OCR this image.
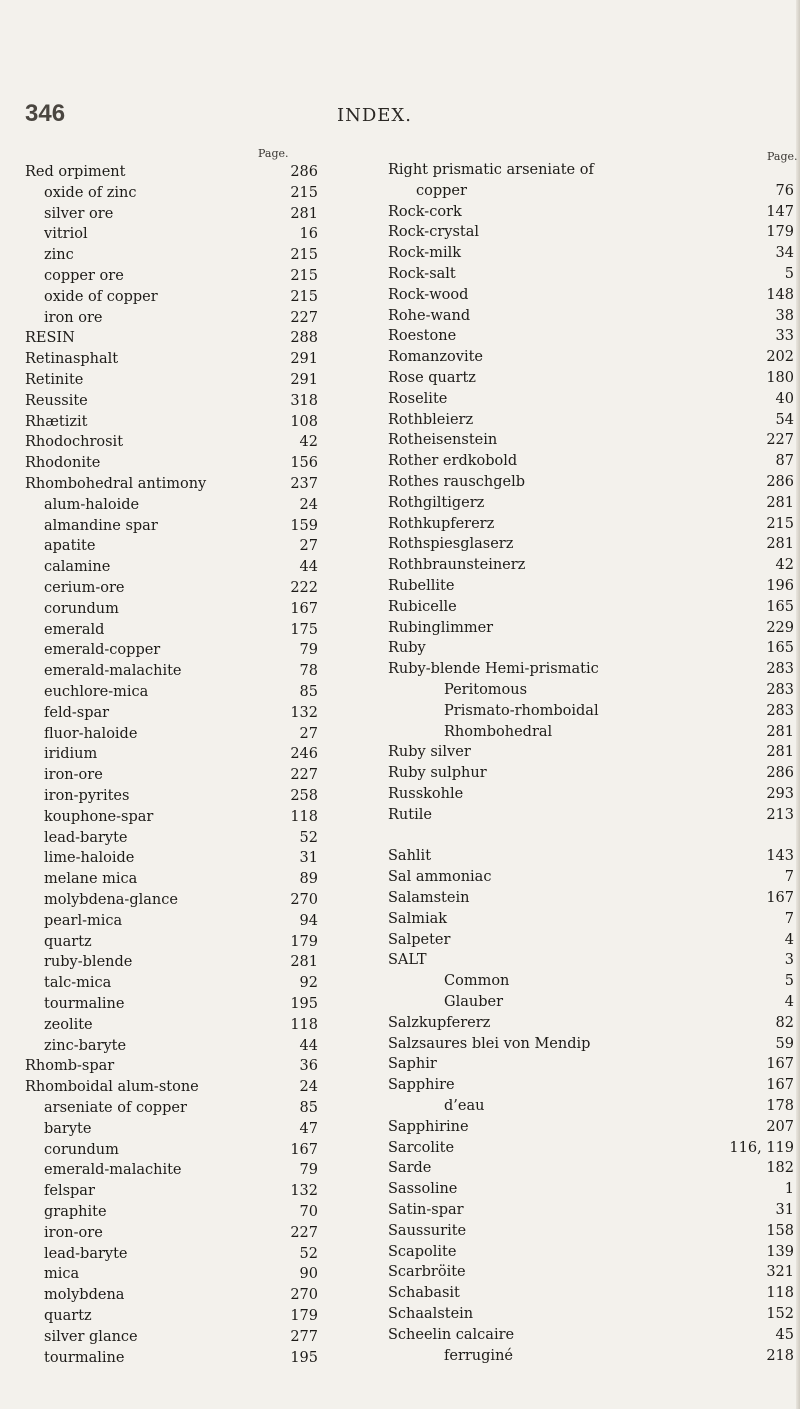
346	INDEX.
Page.
Red orpiment	286
oxide of zinc	215
silver ore	281
vitriol	16
zinc	215
copper ore	215
oxide of copper	215
iron ore	227
RESIN	288
Retinasphalt	291
Retinite	291
Reussite	318
Rhætizit	108
Rhodochrosit	42
Rhodonite	156
Rhombohedral antimony	237
alum-haloide	24
almandine spar	159
apatite	27
calamine	44
cerium-ore	222
corundum	167
emerald	175
emerald-copper	79
emerald-malachite	78
euchlore-mica	85
feld-spar	132
fluor-haloide	27
iridium	246
iron-ore	227
iron-pyrites	258
kouphone-spar	118
lead-baryte	52
lime-haloide	31
melane mica	89
molybdena-glance	270
pearl-mica	94
quartz	179
ruby-blende	281
talc-mica	92
tourmaline	195
zeolite	118
zinc-baryte	44
Rhomb-spar	36
Rhomboidal alum-stone	24
arseniate of copper	85
baryte	47
corundum	167
emerald-malachite	79
felspar	132
graphite	70
iron-ore	227
lead-baryte	52
mica	90
molybdena	270
quartz	179
silver glance	277
tourmaline	195
Page.
Right prismatic arseniate of
copper	76
Rock-cork	147
Rock-crystal	179
Rock-milk	34
Rock-salt	5
Rock-wood	148
Rohe-wand	38
Roestone	33
Romanzovite	202
Rose quartz	180
Roselite	40
Rothbleierz	54
Rotheisenstein	227
Rother erdkobold	87
Rothes rauschgelb	286
Rothgiltigerz	281
Rothkupfererz	215
Rothspiesglaserz	281
Rothbraunsteinerz	42
Rubellite	196
Rubicelle	165
Rubinglimmer	229
Ruby	165
Ruby-blende Hemi-prismatic	283
Peritomous	283
Prismato-rhomboidal	283
Rhombohedral	281
Ruby silver	281
Ruby sulphur	286
Russkohle	293
Rutile	213
Sahlit	143
Sal ammoniac	7
Salamstein	167
Salmiak	7
Salpeter	4
SALT	3
Common	5
Glauber	4
Salzkupfererz	82
Salzsaures blei von Mendip	59
Saphir	167
Sapphire	167
d’eau	178
Sapphirine	207
Sarcolite	116, 119
Sarde	182
Sassoline	1
Satin-spar	31
Saussurite	158
Scapolite	139
Scarbröite	321
Schabasit	118
Schaalstein	152
Scheelin calcaire	45
ferruginé	218
